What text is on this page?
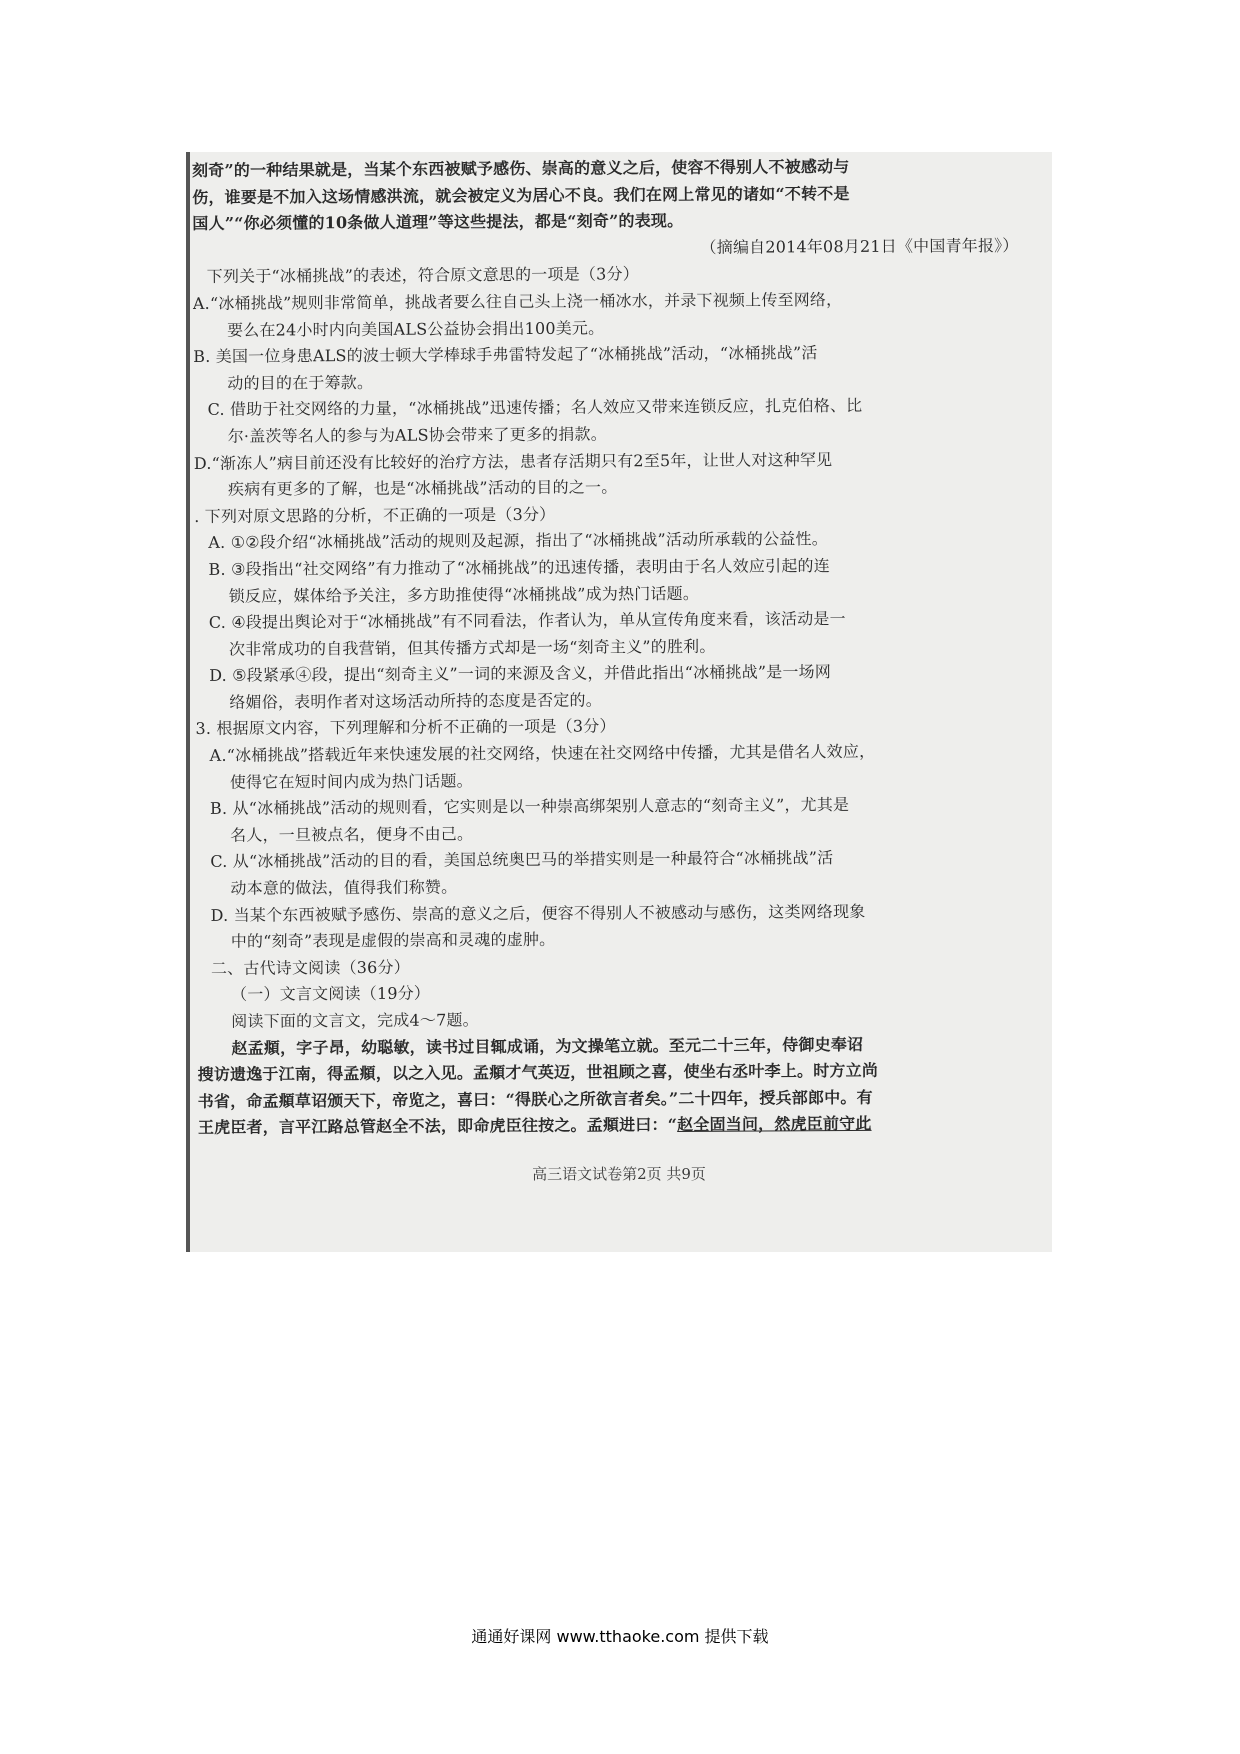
刻奇”的一种结果就是，当某个东西被赋予感伤、崇高的意义之后，使容不得别人不被感动与
伤，谁要是不加入这场情感洪流，就会被定义为居心不良。我们在网上常见的诸如“不转不是
国人”“你必须懂的10条做人道理”等这些提法，都是“刻奇”的表现。
（摘编自2014年08月21日《中国青年报》）
下列关于“冰桶挑战”的表述，符合原文意思的一项是（3分）
A.“冰桶挑战”规则非常简单，挑战者要么往自己头上浇一桶冰水，并录下视频上传至网络，
要么在24小时内向美国ALS公益协会捐出100美元。
B. 美国一位身患ALS的波士顿大学棒球手弗雷特发起了“冰桶挑战”活动，“冰桶挑战”活
动的目的在于筹款。
C. 借助于社交网络的力量，“冰桶挑战”迅速传播；名人效应又带来连锁反应，扎克伯格、比
尔·盖茨等名人的参与为ALS协会带来了更多的捐款。
D.“渐冻人”病目前还没有比较好的治疗方法，患者存活期只有2至5年，让世人对这种罕见
疾病有更多的了解，也是“冰桶挑战”活动的目的之一。
. 下列对原文思路的分析，不正确的一项是（3分）
A. ①②段介绍“冰桶挑战”活动的规则及起源，指出了“冰桶挑战”活动所承载的公益性。
B. ③段指出“社交网络”有力推动了“冰桶挑战”的迅速传播，表明由于名人效应引起的连
锁反应，媒体给予关注，多方助推使得“冰桶挑战”成为热门话题。
C. ④段提出舆论对于“冰桶挑战”有不同看法，作者认为，单从宣传角度来看，该活动是一
次非常成功的自我营销，但其传播方式却是一场“刻奇主义”的胜利。
D. ⑤段紧承④段，提出“刻奇主义”一词的来源及含义，并借此指出“冰桶挑战”是一场网
络媚俗，表明作者对这场活动所持的态度是否定的。
3. 根据原文内容，下列理解和分析不正确的一项是（3分）
A.“冰桶挑战”搭载近年来快速发展的社交网络，快速在社交网络中传播，尤其是借名人效应，
使得它在短时间内成为热门话题。
B. 从“冰桶挑战”活动的规则看，它实则是以一种崇高绑架别人意志的“刻奇主义”，尤其是
名人，一旦被点名，便身不由己。
C. 从“冰桶挑战”活动的目的看，美国总统奥巴马的举措实则是一种最符合“冰桶挑战”活
动本意的做法，值得我们称赞。
D. 当某个东西被赋予感伤、崇高的意义之后，便容不得别人不被感动与感伤，这类网络现象
中的“刻奇”表现是虚假的崇高和灵魂的虚肿。
二、古代诗文阅读（36分）
（一）文言文阅读（19分）
阅读下面的文言文，完成4～7题。
赵孟頫，字子昂，幼聪敏，读书过目辄成诵，为文操笔立就。至元二十三年，侍御史奉诏
搜访遗逸于江南，得孟頫，以之入见。孟頫才气英迈，世祖顾之喜，使坐右丞叶李上。时方立尚
书省，命孟頫草诏颁天下，帝览之，喜曰：“得朕心之所欲言者矣。”二十四年，授兵部郎中。有
王虎臣者，言平江路总管赵全不法，即命虎臣往按之。孟頫进曰：“赵全固当问，然虎臣前守此
高三语文试卷第2页 共9页
通通好课网 www.tthaoke.com 提供下载
